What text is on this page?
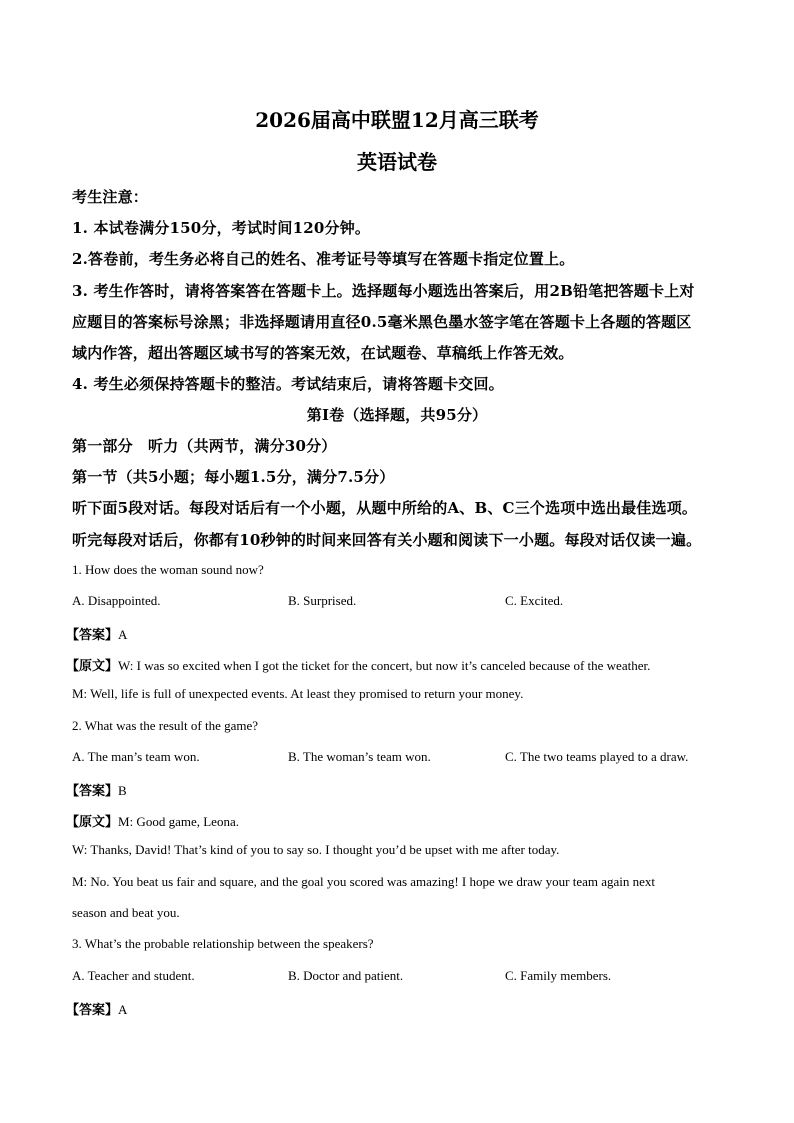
2026届高中联盟12月高三联考
英语试卷
考生注意：
1. 本试卷满分150分，考试时间120分钟。
2.答卷前，考生务必将自己的姓名、准考证号等填写在答题卡指定位置上。
3. 考生作答时，请将答案答在答题卡上。选择题每小题选出答案后，用2B铅笔把答题卡上对
应题目的答案标号涂黑；非选择题请用直径0.5毫米黑色墨水签字笔在答题卡上各题的答题区
域内作答，超出答题区域书写的答案无效，在试题卷、草稿纸上作答无效。
4. 考生必须保持答题卡的整洁。考试结束后，请将答题卡交回。
第I卷（选择题，共95分）
第一部分　听力（共两节，满分30分）
第一节（共5小题；每小题1.5分，满分7.5分）
听下面5段对话。每段对话后有一个小题，从题中所给的A、B、C三个选项中选出最佳选项。
听完每段对话后，你都有10秒钟的时间来回答有关小题和阅读下一小题。每段对话仅读一遍。
1. How does the woman sound now?
A. Disappointed.	B. Surprised.	C. Excited.
【答案】A
【原文】W: I was so excited when I got the ticket for the concert, but now it’s canceled because of the weather.
M: Well, life is full of unexpected events. At least they promised to return your money.
2. What was the result of the game?
A. The man’s team won.	B. The woman’s team won.	C. The two teams played to a draw.
【答案】B
【原文】M: Good game, Leona.
W: Thanks, David! That’s kind of you to say so. I thought you’d be upset with me after today.
M: No. You beat us fair and square, and the goal you scored was amazing! I hope we draw your team again next
season and beat you.
3. What’s the probable relationship between the speakers?
A. Teacher and student.	B. Doctor and patient.	C. Family members.
【答案】A
